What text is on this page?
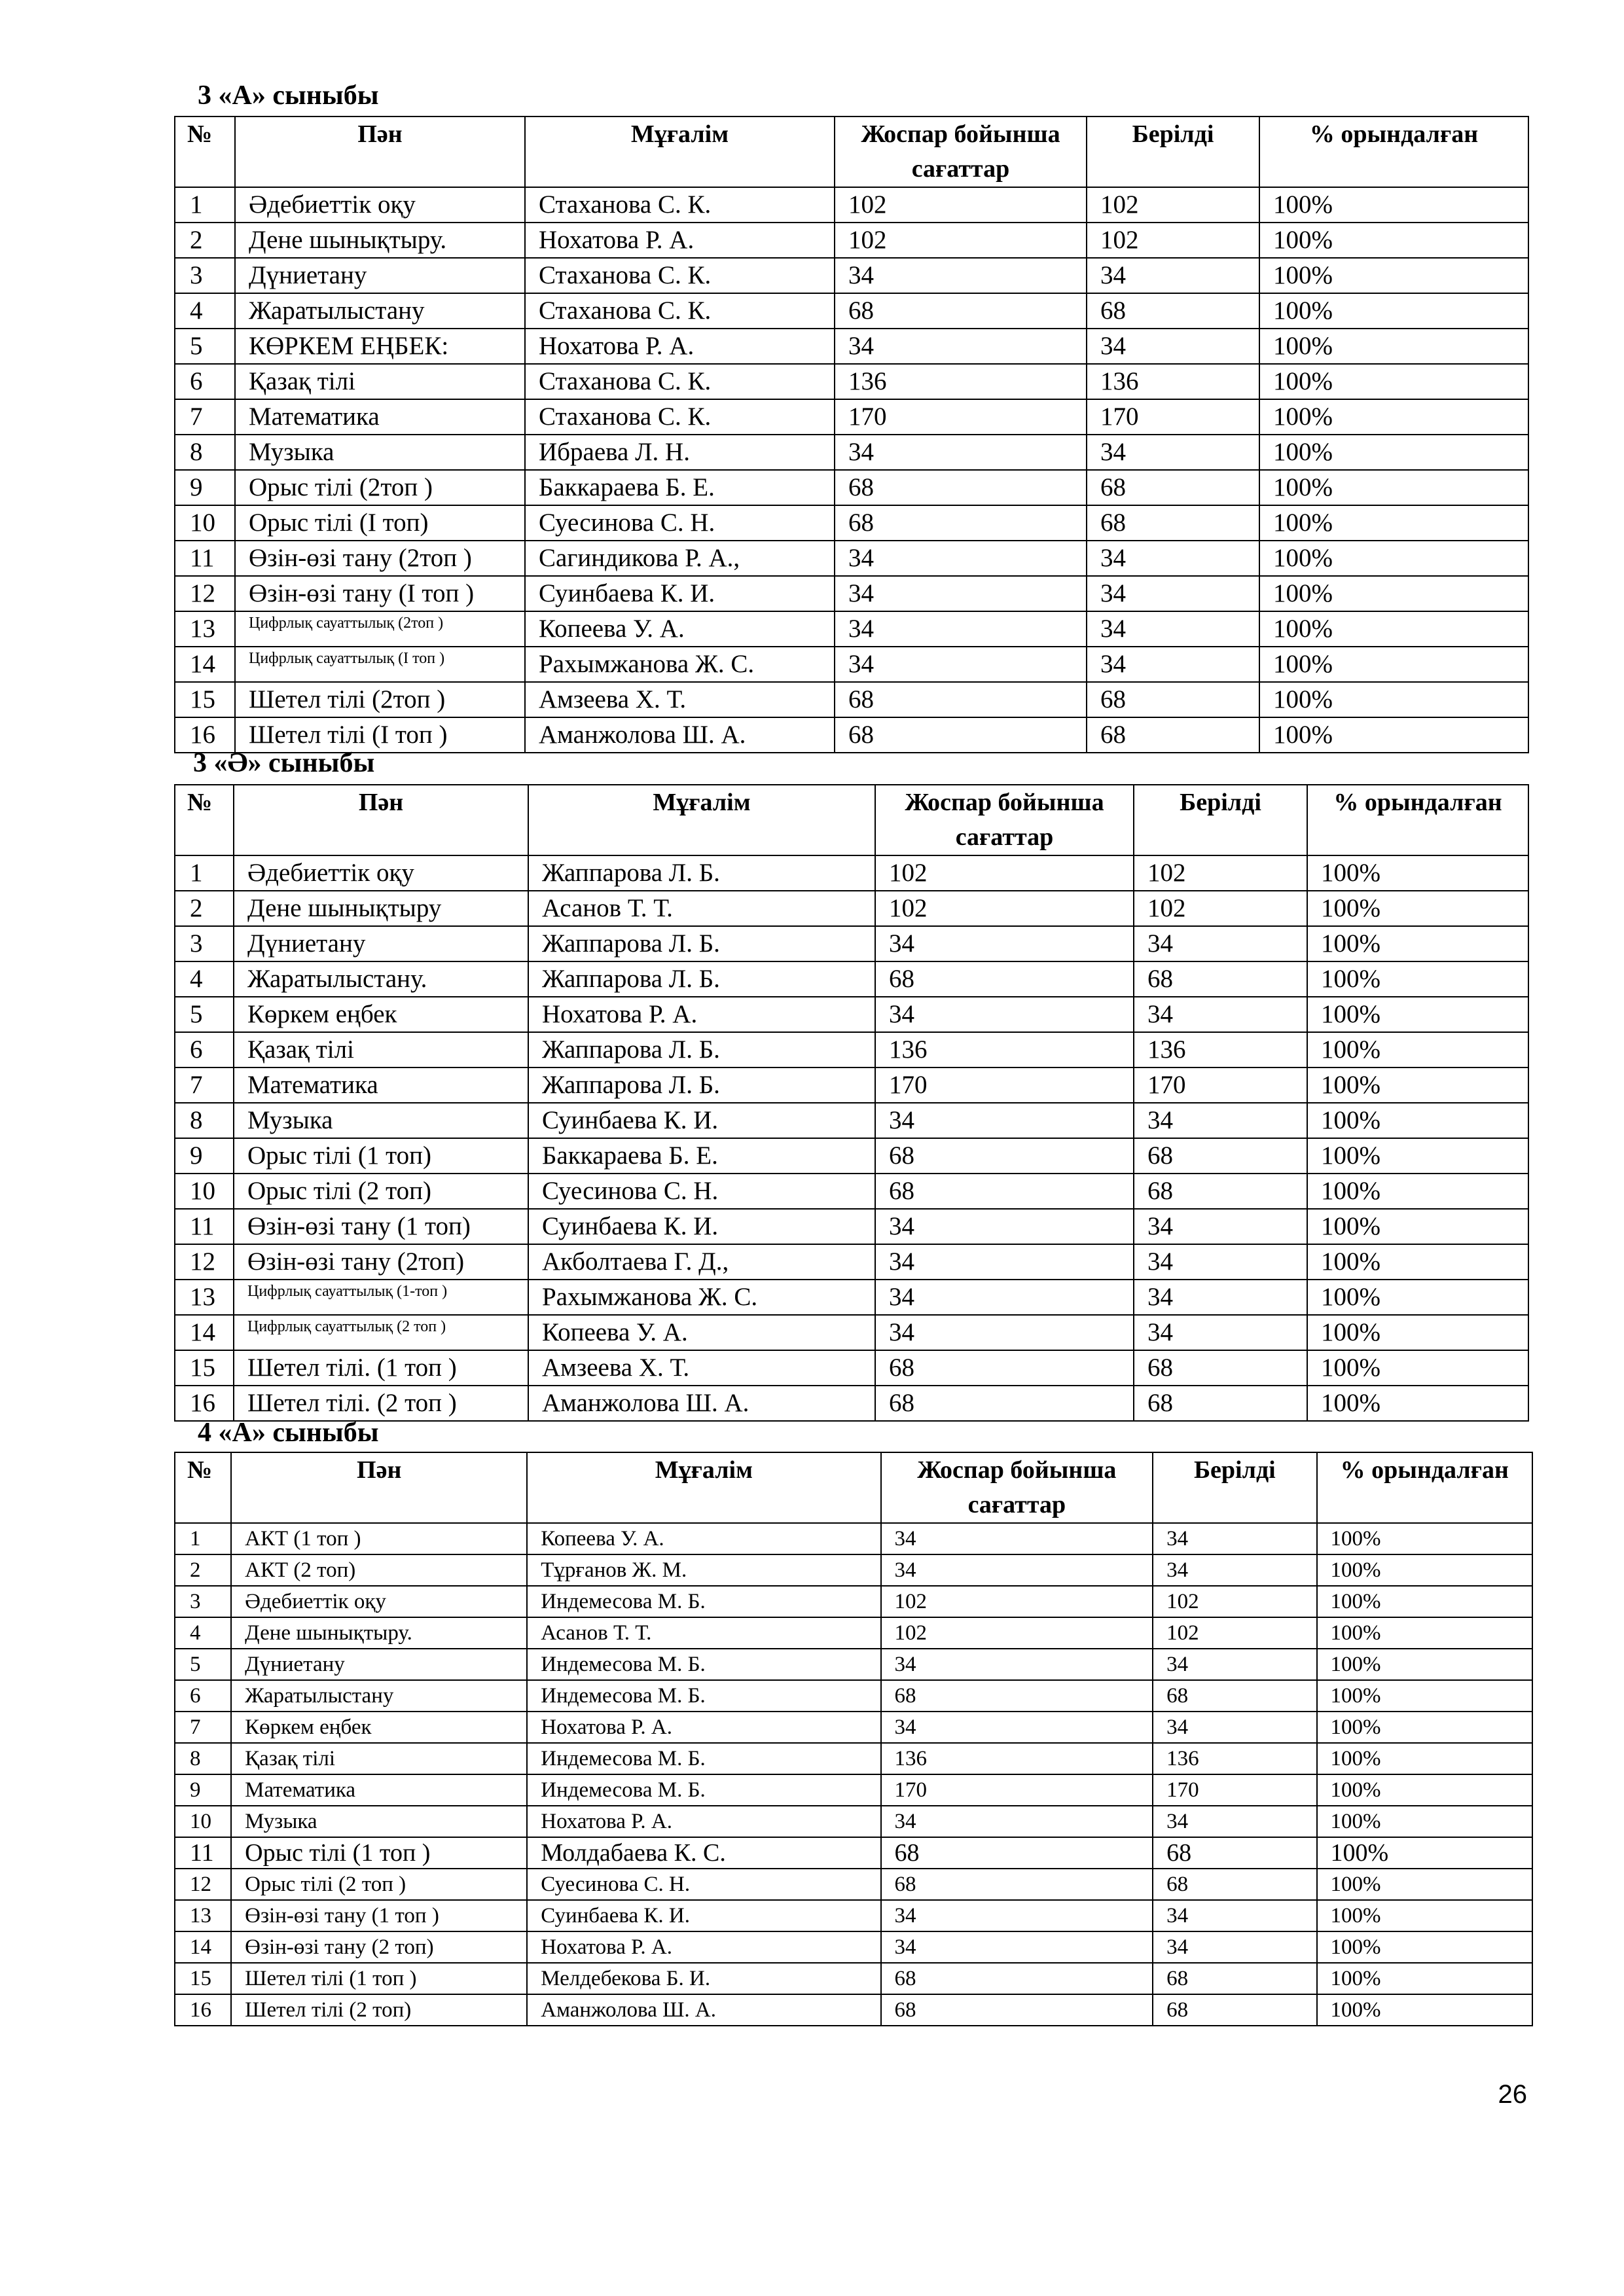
3 «А» сыныбы
№	Пән	Мұғалім	Жоспар бойынша сағаттар	Берілді	% орындалған
1	Әдебиеттік оқу	Стаханова С. К.	102	102	100%
2	Дене шынықтыру.	Нохатова Р. А.	102	102	100%
3	Дүниетану	Стаханова С. К.	34	34	100%
4	Жаратылыстану	Стаханова С. К.	68	68	100%
5	КӨРКЕМ ЕҢБЕК:	Нохатова Р. А.	34	34	100%
6	Қазақ тілі	Стаханова С. К.	136	136	100%
7	Математика	Стаханова С. К.	170	170	100%
8	Музыка	Ибраева Л. Н.	34	34	100%
9	Орыс тілі (2топ )	Баккараева Б. Е.	68	68	100%
10	Орыс тілі (І топ)	Суесинова С. Н.	68	68	100%
11	Өзін-өзі тану (2топ )	Сагиндикова Р. А.,	34	34	100%
12	Өзін-өзі тану (І топ )	Суинбаева К. И.	34	34	100%
13	Цифрлық сауаттылық (2топ )	Копеева У. А.	34	34	100%
14	Цифрлық сауаттылық (І топ )	Рахымжанова Ж. С.	34	34	100%
15	Шетел тілі (2топ )	Амзеева Х. Т.	68	68	100%
16	Шетел тілі (І топ )	Аманжолова Ш. А.	68	68	100%
3 «Ә» сыныбы
№	Пән	Мұғалім	Жоспар бойынша сағаттар	Берілді	% орындалған
1	Әдебиеттік оқу	Жаппарова Л. Б.	102	102	100%
2	Дене шынықтыру	Асанов Т. Т.	102	102	100%
3	Дүниетану	Жаппарова Л. Б.	34	34	100%
4	Жаратылыстану.	Жаппарова Л. Б.	68	68	100%
5	Көркем еңбек	Нохатова Р. А.	34	34	100%
6	Қазақ тілі	Жаппарова Л. Б.	136	136	100%
7	Математика	Жаппарова Л. Б.	170	170	100%
8	Музыка	Суинбаева К. И.	34	34	100%
9	Орыс тілі (1 топ)	Баккараева Б. Е.	68	68	100%
10	Орыс тілі (2 топ)	Суесинова С. Н.	68	68	100%
11	Өзін-өзі тану (1 топ)	Суинбаева К. И.	34	34	100%
12	Өзін-өзі тану (2топ)	Акболтаева Г. Д.,	34	34	100%
13	Цифрлық сауаттылық (1-топ )	Рахымжанова Ж. С.	34	34	100%
14	Цифрлық сауаттылық (2 топ )	Копеева У. А.	34	34	100%
15	Шетел тілі. (1 топ )	Амзеева Х. Т.	68	68	100%
16	Шетел тілі. (2 топ )	Аманжолова Ш. А.	68	68	100%
4 «А» сыныбы
№	Пән	Мұғалім	Жоспар бойынша сағаттар	Берілді	% орындалған
1	АКТ (1 топ )	Копеева У. А.	34	34	100%
2	АКТ (2 топ)	Тұрғанов Ж. М.	34	34	100%
3	Әдебиеттік оқу	Индемесова М. Б.	102	102	100%
4	Дене шынықтыру.	Асанов Т. Т.	102	102	100%
5	Дүниетану	Индемесова М. Б.	34	34	100%
6	Жаратылыстану	Индемесова М. Б.	68	68	100%
7	Көркем еңбек	Нохатова Р. А.	34	34	100%
8	Қазақ тілі	Индемесова М. Б.	136	136	100%
9	Математика	Индемесова М. Б.	170	170	100%
10	Музыка	Нохатова Р. А.	34	34	100%
11	Орыс тілі (1 топ )	Молдабаева К. С.	68	68	100%
12	Орыс тілі (2 топ )	Суесинова С. Н.	68	68	100%
13	Өзін-өзі тану (1 топ )	Суинбаева К. И.	34	34	100%
14	Өзін-өзі тану (2 топ)	Нохатова Р. А.	34	34	100%
15	Шетел тілі (1 топ )	Мелдебекова Б. И.	68	68	100%
16	Шетел тілі (2 топ)	Аманжолова Ш. А.	68	68	100%
26
